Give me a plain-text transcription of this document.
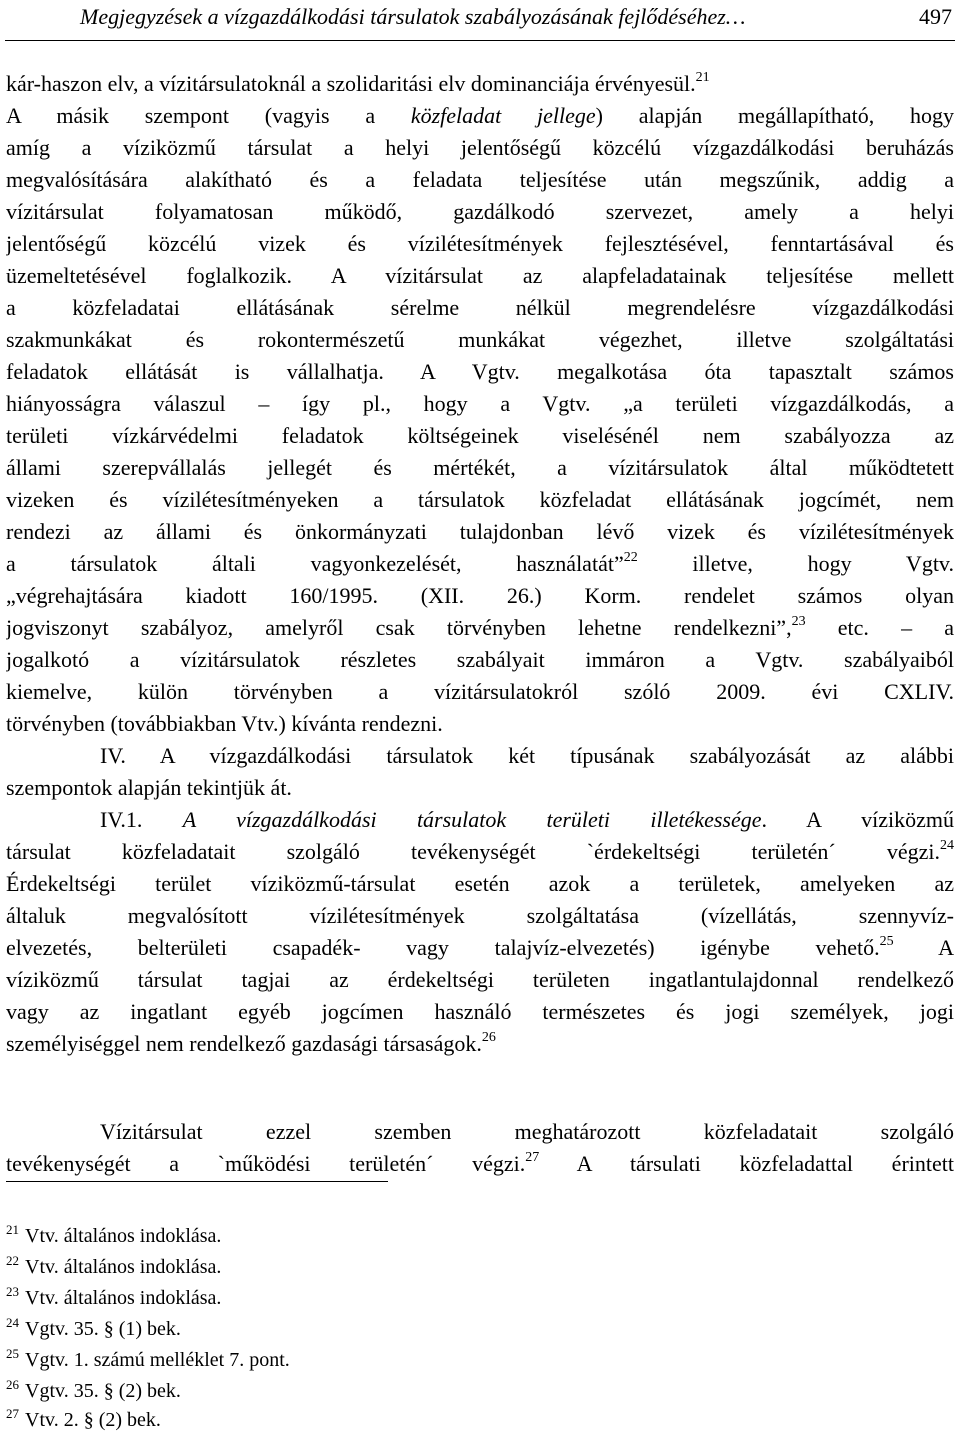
Megjegyzések a vízgazdálkodási társulatok szabályozásának fejlődéséhez…	497
kár-haszon elv, a vízitársulatoknál a szolidaritási elv dominanciája érvényesül.$^{21}$
A másik szempont (vagyis a közfeladat jellege) alapján megállapítható, hogy
amíg a víziközmű társulat a helyi jelentőségű közcélú vízgazdálkodási beruházás
megvalósítására alakítható és a feladata teljesítése után megszűnik, addig a
vízitársulat folyamatosan működő, gazdálkodó szervezet, amely a helyi
jelentőségű közcélú vizek és vízilétesítmények fejlesztésével, fenntartásával és
üzemeltetésével foglalkozik. A vízitársulat az alapfeladatainak teljesítése mellett
a közfeladatai ellátásának sérelme nélkül megrendelésre vízgazdálkodási
szakmunkákat és rokontermészetű munkákat végezhet, illetve szolgáltatási
feladatok ellátását is vállalhatja. A Vgtv. megalkotása óta tapasztalt számos
hiányosságra válaszul – így pl., hogy a Vgtv. „a területi vízgazdálkodás, a
területi vízkárvédelmi feladatok költségeinek viselésénél nem szabályozza az
állami szerepvállalás jellegét és mértékét, a vízitársulatok által működtetett
vizeken és vízilétesítményeken a társulatok közfeladat ellátásának jogcímét, nem
rendezi az állami és önkormányzati tulajdonban lévő vizek és vízilétesítmények
a társulatok általi vagyonkezelését, használatát”$^{22}$ illetve, hogy Vgtv.
„végrehajtására kiadott 160/1995. (XII. 26.) Korm. rendelet számos olyan
jogviszonyt szabályoz, amelyről csak törvényben lehetne rendelkezni”,$^{23}$ etc. – a
jogalkotó a vízitársulatok részletes szabályait immáron a Vgtv. szabályaiból
kiemelve, külön törvényben a vízitársulatokról szóló 2009. évi CXLIV.
törvényben (továbbiakban Vtv.) kívánta rendezni.
IV. A vízgazdálkodási társulatok két típusának szabályozását az alábbi
szempontok alapján tekintjük át.
IV.1. A vízgazdálkodási társulatok területi illetékessége. A víziközmű
társulat közfeladatait szolgáló tevékenységét `érdekeltségi területén´ végzi.$^{24}$
Érdekeltségi terület víziközmű-társulat esetén azok a területek, amelyeken az
általuk megvalósított vízilétesítmények szolgáltatása (vízellátás, szennyvíz-
elvezetés, belterületi csapadék- vagy talajvíz-elvezetés) igénybe vehető.$^{25}$ A
víziközmű társulat tagjai az érdekeltségi területen ingatlantulajdonnal rendelkező
vagy az ingatlant egyéb jogcímen használó természetes és jogi személyek, jogi
személyiséggel nem rendelkező gazdasági társaságok.$^{26}$
Vízitársulat ezzel szemben meghatározott közfeladatait szolgáló
tevékenységét a `működési területén´ végzi.$^{27}$ A társulati közfeladattal érintett
$^{21}$ Vtv. általános indoklása.
$^{22}$ Vtv. általános indoklása.
$^{23}$ Vtv. általános indoklása.
$^{24}$ Vgtv. 35. § (1) bek.
$^{25}$ Vgtv. 1. számú melléklet 7. pont.
$^{26}$ Vgtv. 35. § (2) bek.
$^{27}$ Vtv. 2. § (2) bek.
